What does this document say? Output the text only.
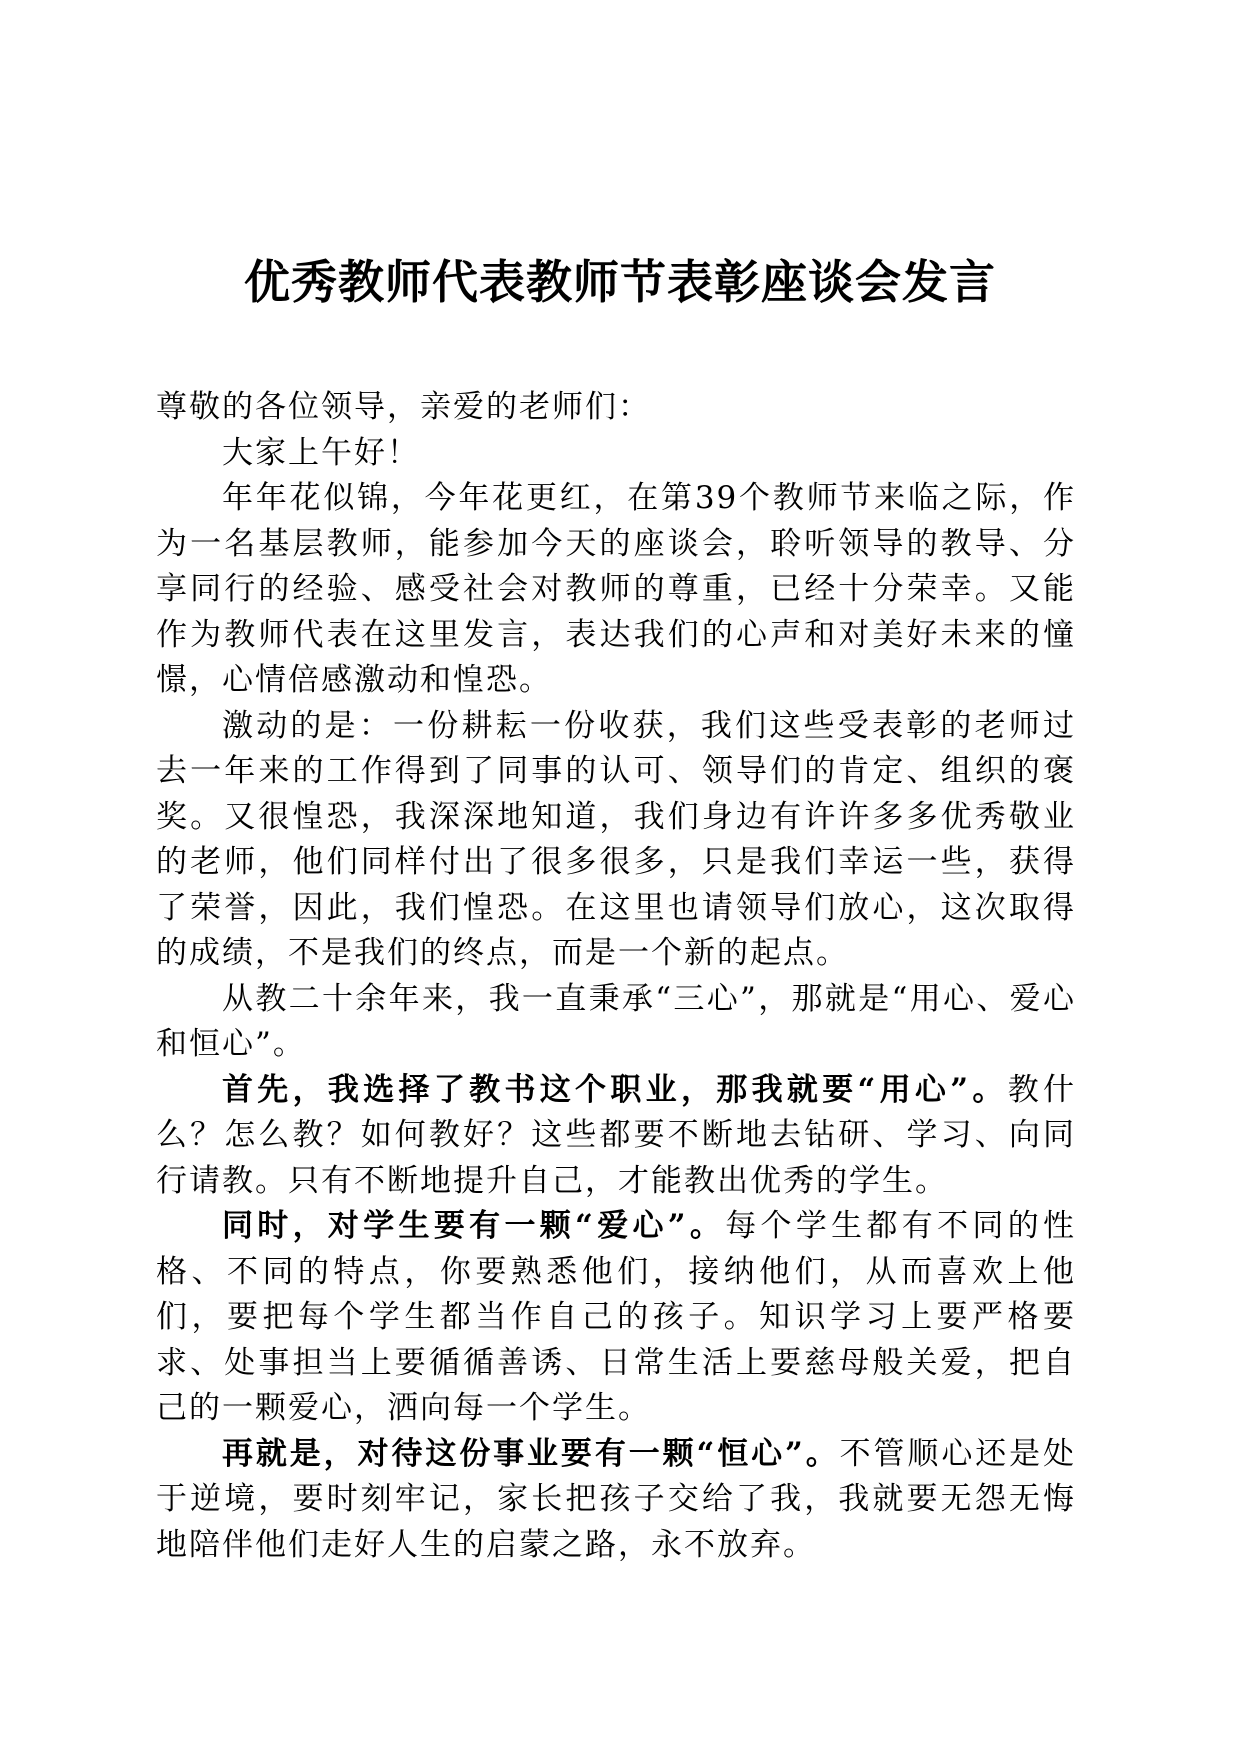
优秀教师代表教师节表彰座谈会发言

尊敬的各位领导，亲爱的老师们：

大家上午好！

年年花似锦，今年花更红，在第39个教师节来临之际，作为一名基层教师，能参加今天的座谈会，聆听领导的教导、分享同行的经验、感受社会对教师的尊重，已经十分荣幸。又能作为教师代表在这里发言，表达我们的心声和对美好未来的憧憬，心情倍感激动和惶恐。

激动的是：一份耕耘一份收获，我们这些受表彰的老师过去一年来的工作得到了同事的认可、领导们的肯定、组织的褒奖。又很惶恐，我深深地知道，我们身边有许许多多优秀敬业的老师，他们同样付出了很多很多，只是我们幸运一些，获得了荣誉，因此，我们惶恐。在这里也请领导们放心，这次取得的成绩，不是我们的终点，而是一个新的起点。

从教二十余年来，我一直秉承“三心”，那就是“用心、爱心和恒心”。

首先，我选择了教书这个职业，那我就要“用心”。教什么？怎么教？如何教好？这些都要不断地去钻研、学习、向同行请教。只有不断地提升自己，才能教出优秀的学生。

同时，对学生要有一颗“爱心”。每个学生都有不同的性格、不同的特点，你要熟悉他们，接纳他们，从而喜欢上他们，要把每个学生都当作自己的孩子。知识学习上要严格要求、处事担当上要循循善诱、日常生活上要慈母般关爱，把自己的一颗爱心，洒向每一个学生。

再就是，对待这份事业要有一颗“恒心”。不管顺心还是处于逆境，要时刻牢记，家长把孩子交给了我，我就要无怨无悔地陪伴他们走好人生的启蒙之路，永不放弃。
